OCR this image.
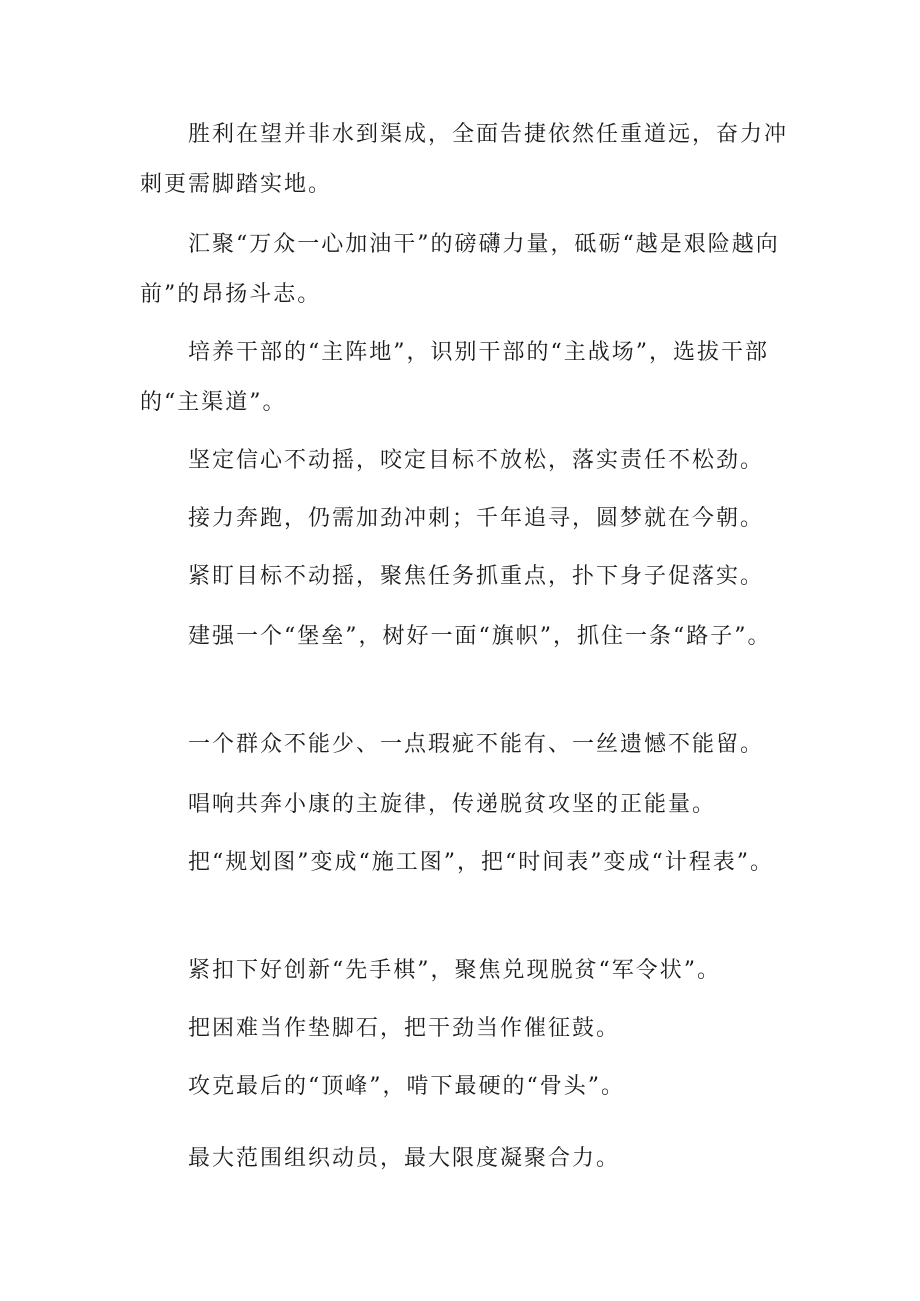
胜利在望并非水到渠成，全面告捷依然任重道远，奋力冲刺更需脚踏实地。

汇聚“万众一心加油干”的磅礴力量，砥砺“越是艰险越向前”的昂扬斗志。

培养干部的“主阵地”，识别干部的“主战场”，选拔干部的“主渠道”。

坚定信心不动摇，咬定目标不放松，落实责任不松劲。

接力奔跑，仍需加劲冲刺；千年追寻，圆梦就在今朝。

紧盯目标不动摇，聚焦任务抓重点，扑下身子促落实。

建强一个“堡垒”，树好一面“旗帜”，抓住一条“路子”。

一个群众不能少、一点瑕疵不能有、一丝遗憾不能留。

唱响共奔小康的主旋律，传递脱贫攻坚的正能量。

把“规划图”变成“施工图”，把“时间表”变成“计程表”。

紧扣下好创新“先手棋”，聚焦兑现脱贫“军令状”。

把困难当作垫脚石，把干劲当作催征鼓。

攻克最后的“顶峰”，啃下最硬的“骨头”。

最大范围组织动员，最大限度凝聚合力。
